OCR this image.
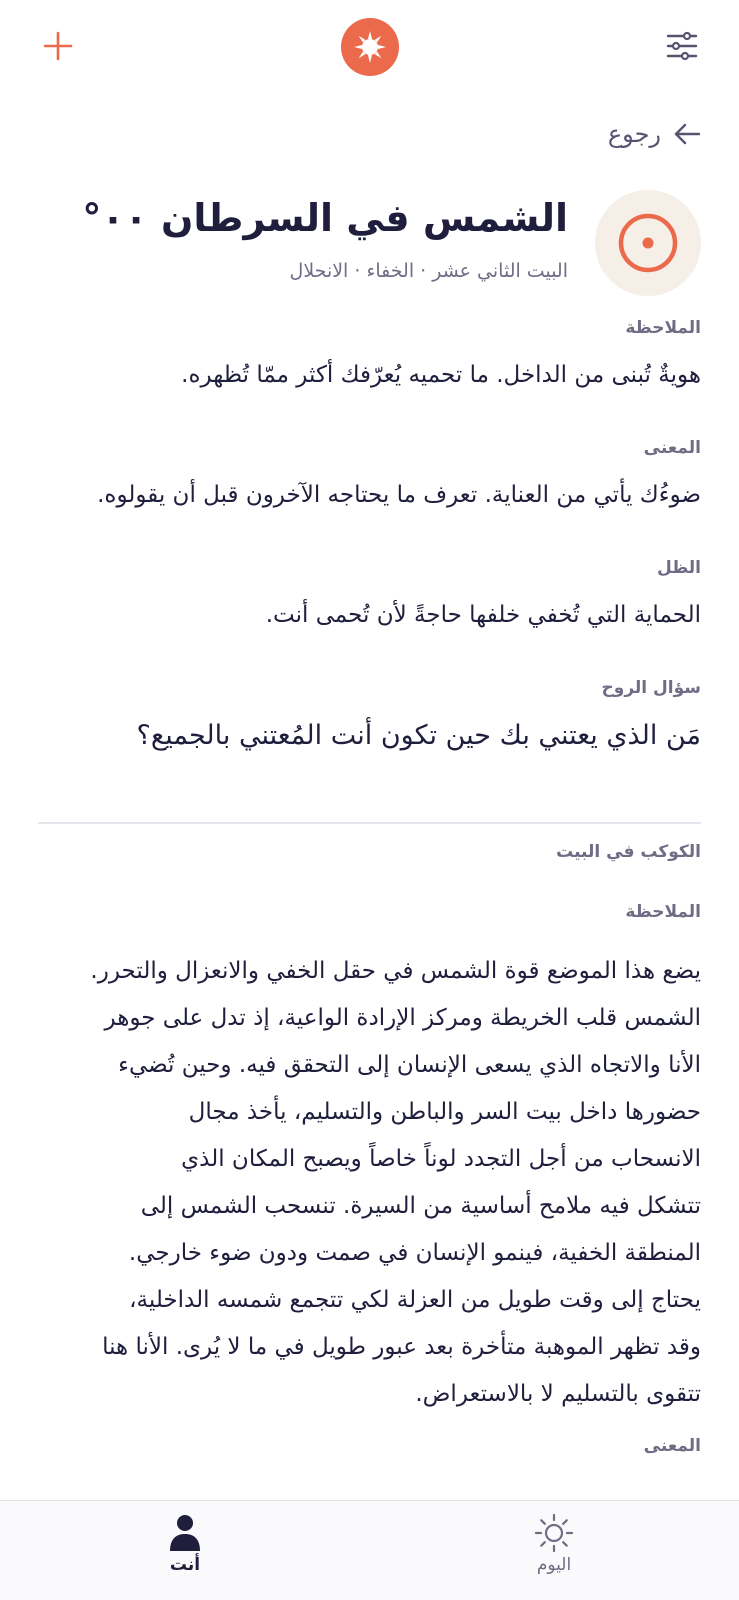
رجوع
الشمس في السرطان ٠٠°
البيت الثاني عشر · الخفاء · الانحلال
الملاحظة
هويةٌ تُبنى من الداخل. ما تحميه يُعرّفك أكثر ممّا تُظهره.
المعنى
ضوءُك يأتي من العناية. تعرف ما يحتاجه الآخرون قبل أن يقولوه.
الظل
الحماية التي تُخفي خلفها حاجةً لأن تُحمى أنت.
سؤال الروح
مَن الذي يعتني بك حين تكون أنت المُعتني بالجميع؟
الكوكب في البيت
الملاحظة
يضع هذا الموضع قوة الشمس في حقل الخفي والانعزال والتحرر.
الشمس قلب الخريطة ومركز الإرادة الواعية، إذ تدل على جوهر
الأنا والاتجاه الذي يسعى الإنسان إلى التحقق فيه. وحين تُضيء
حضورها داخل بيت السر والباطن والتسليم، يأخذ مجال
الانسحاب من أجل التجدد لوناً خاصاً ويصبح المكان الذي
تتشكل فيه ملامح أساسية من السيرة. تنسحب الشمس إلى
المنطقة الخفية، فينمو الإنسان في صمت ودون ضوء خارجي.
يحتاج إلى وقت طويل من العزلة لكي تتجمع شمسه الداخلية،
وقد تظهر الموهبة متأخرة بعد عبور طويل في ما لا يُرى. الأنا هنا
تتقوى بالتسليم لا بالاستعراض.
المعنى
أنت	اليوم
